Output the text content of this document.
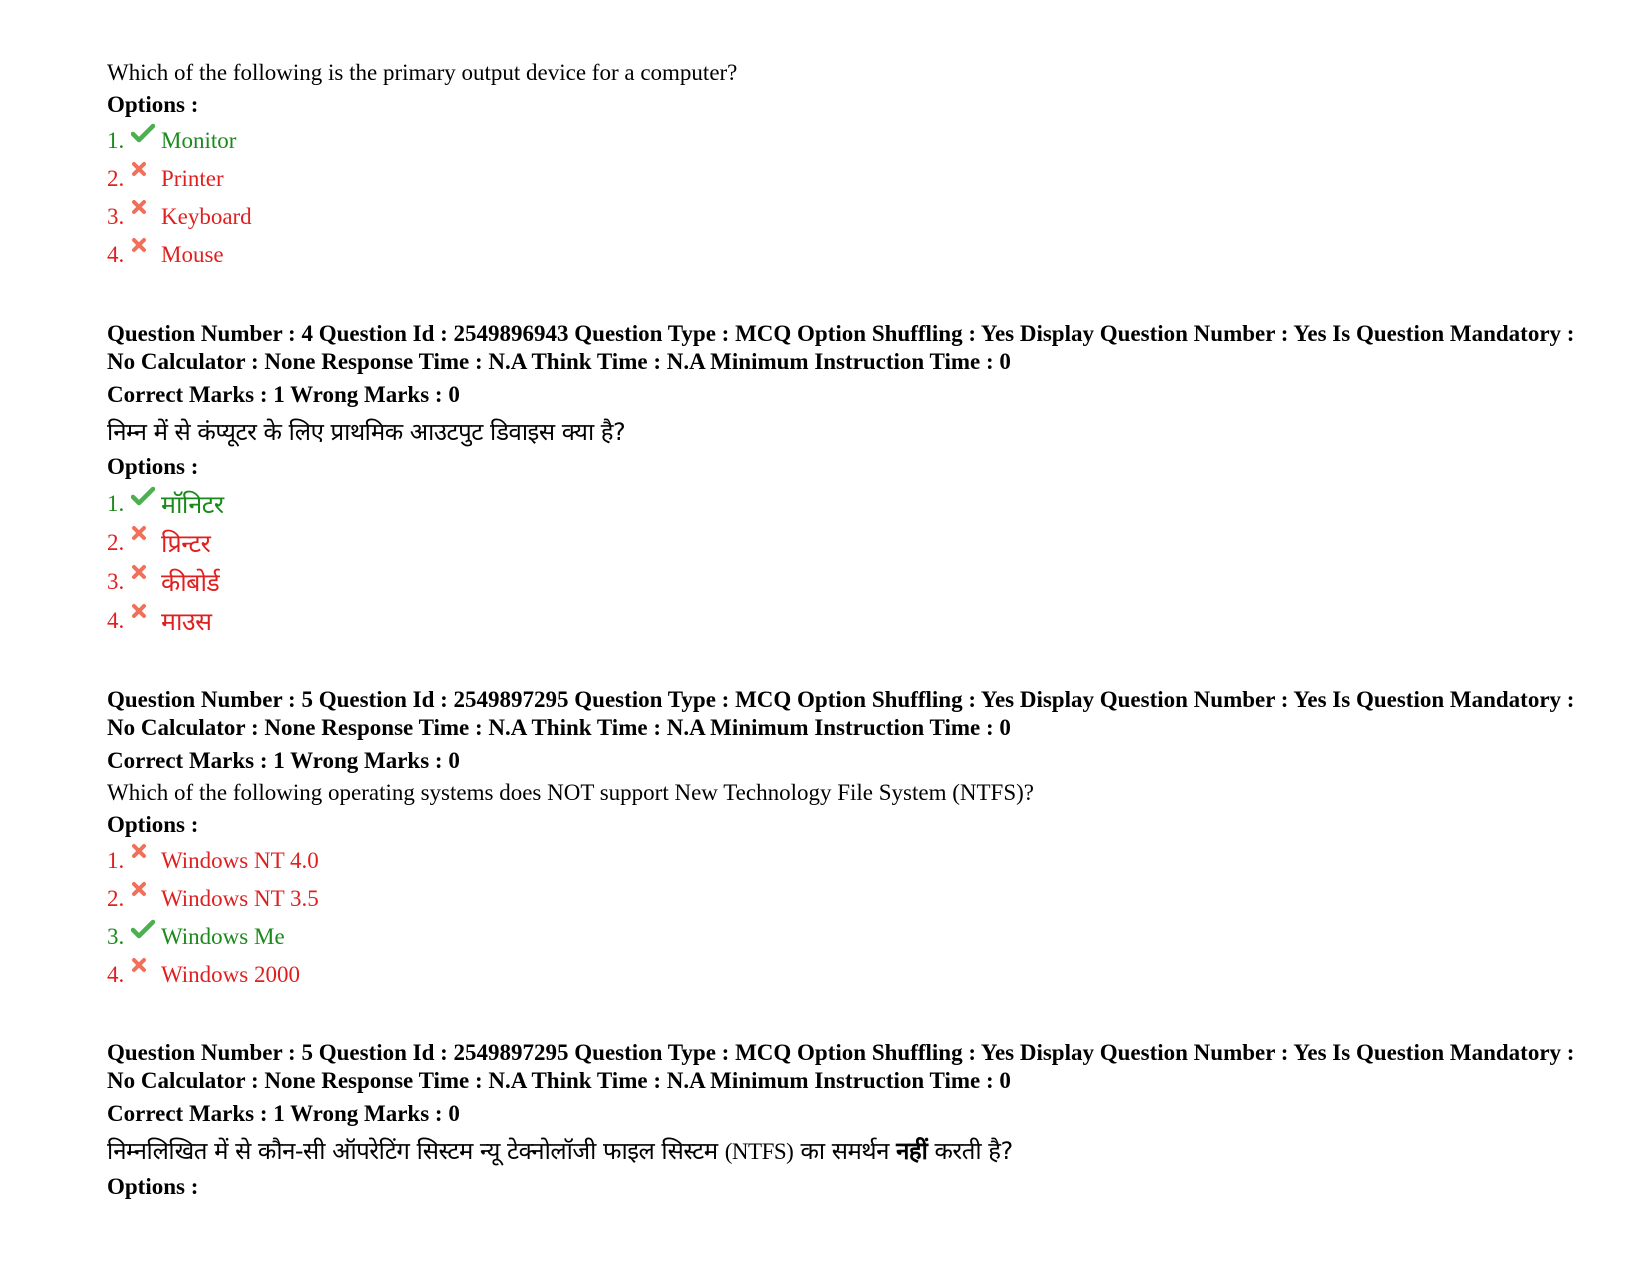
Which of the following is the primary output device for a computer?

Options :

1. Monitor
2. Printer
3. Keyboard
4. Mouse

Question Number : 4 Question Id : 2549896943 Question Type : MCQ Option Shuffling : Yes Display Question Number : Yes Is Question Mandatory : No Calculator : None Response Time : N.A Think Time : N.A Minimum Instruction Time : 0

Correct Marks : 1 Wrong Marks : 0

निम्न में से कंप्यूटर के लिए प्राथमिक आउटपुट डिवाइस क्या है?

Options :

1. मॉनिटर
2. प्रिन्टर
3. कीबोर्ड
4. माउस

Question Number : 5 Question Id : 2549897295 Question Type : MCQ Option Shuffling : Yes Display Question Number : Yes Is Question Mandatory : No Calculator : None Response Time : N.A Think Time : N.A Minimum Instruction Time : 0

Correct Marks : 1 Wrong Marks : 0

Which of the following operating systems does NOT support New Technology File System (NTFS)?

Options :

1. Windows NT 4.0
2. Windows NT 3.5
3. Windows Me
4. Windows 2000

Question Number : 5 Question Id : 2549897295 Question Type : MCQ Option Shuffling : Yes Display Question Number : Yes Is Question Mandatory : No Calculator : None Response Time : N.A Think Time : N.A Minimum Instruction Time : 0

Correct Marks : 1 Wrong Marks : 0

निम्नलिखित में से कौन-सी ऑपरेटिंग सिस्टम न्यू टेक्नोलॉजी फाइल सिस्टम (NTFS) का समर्थन नहीं करती है?

Options :
